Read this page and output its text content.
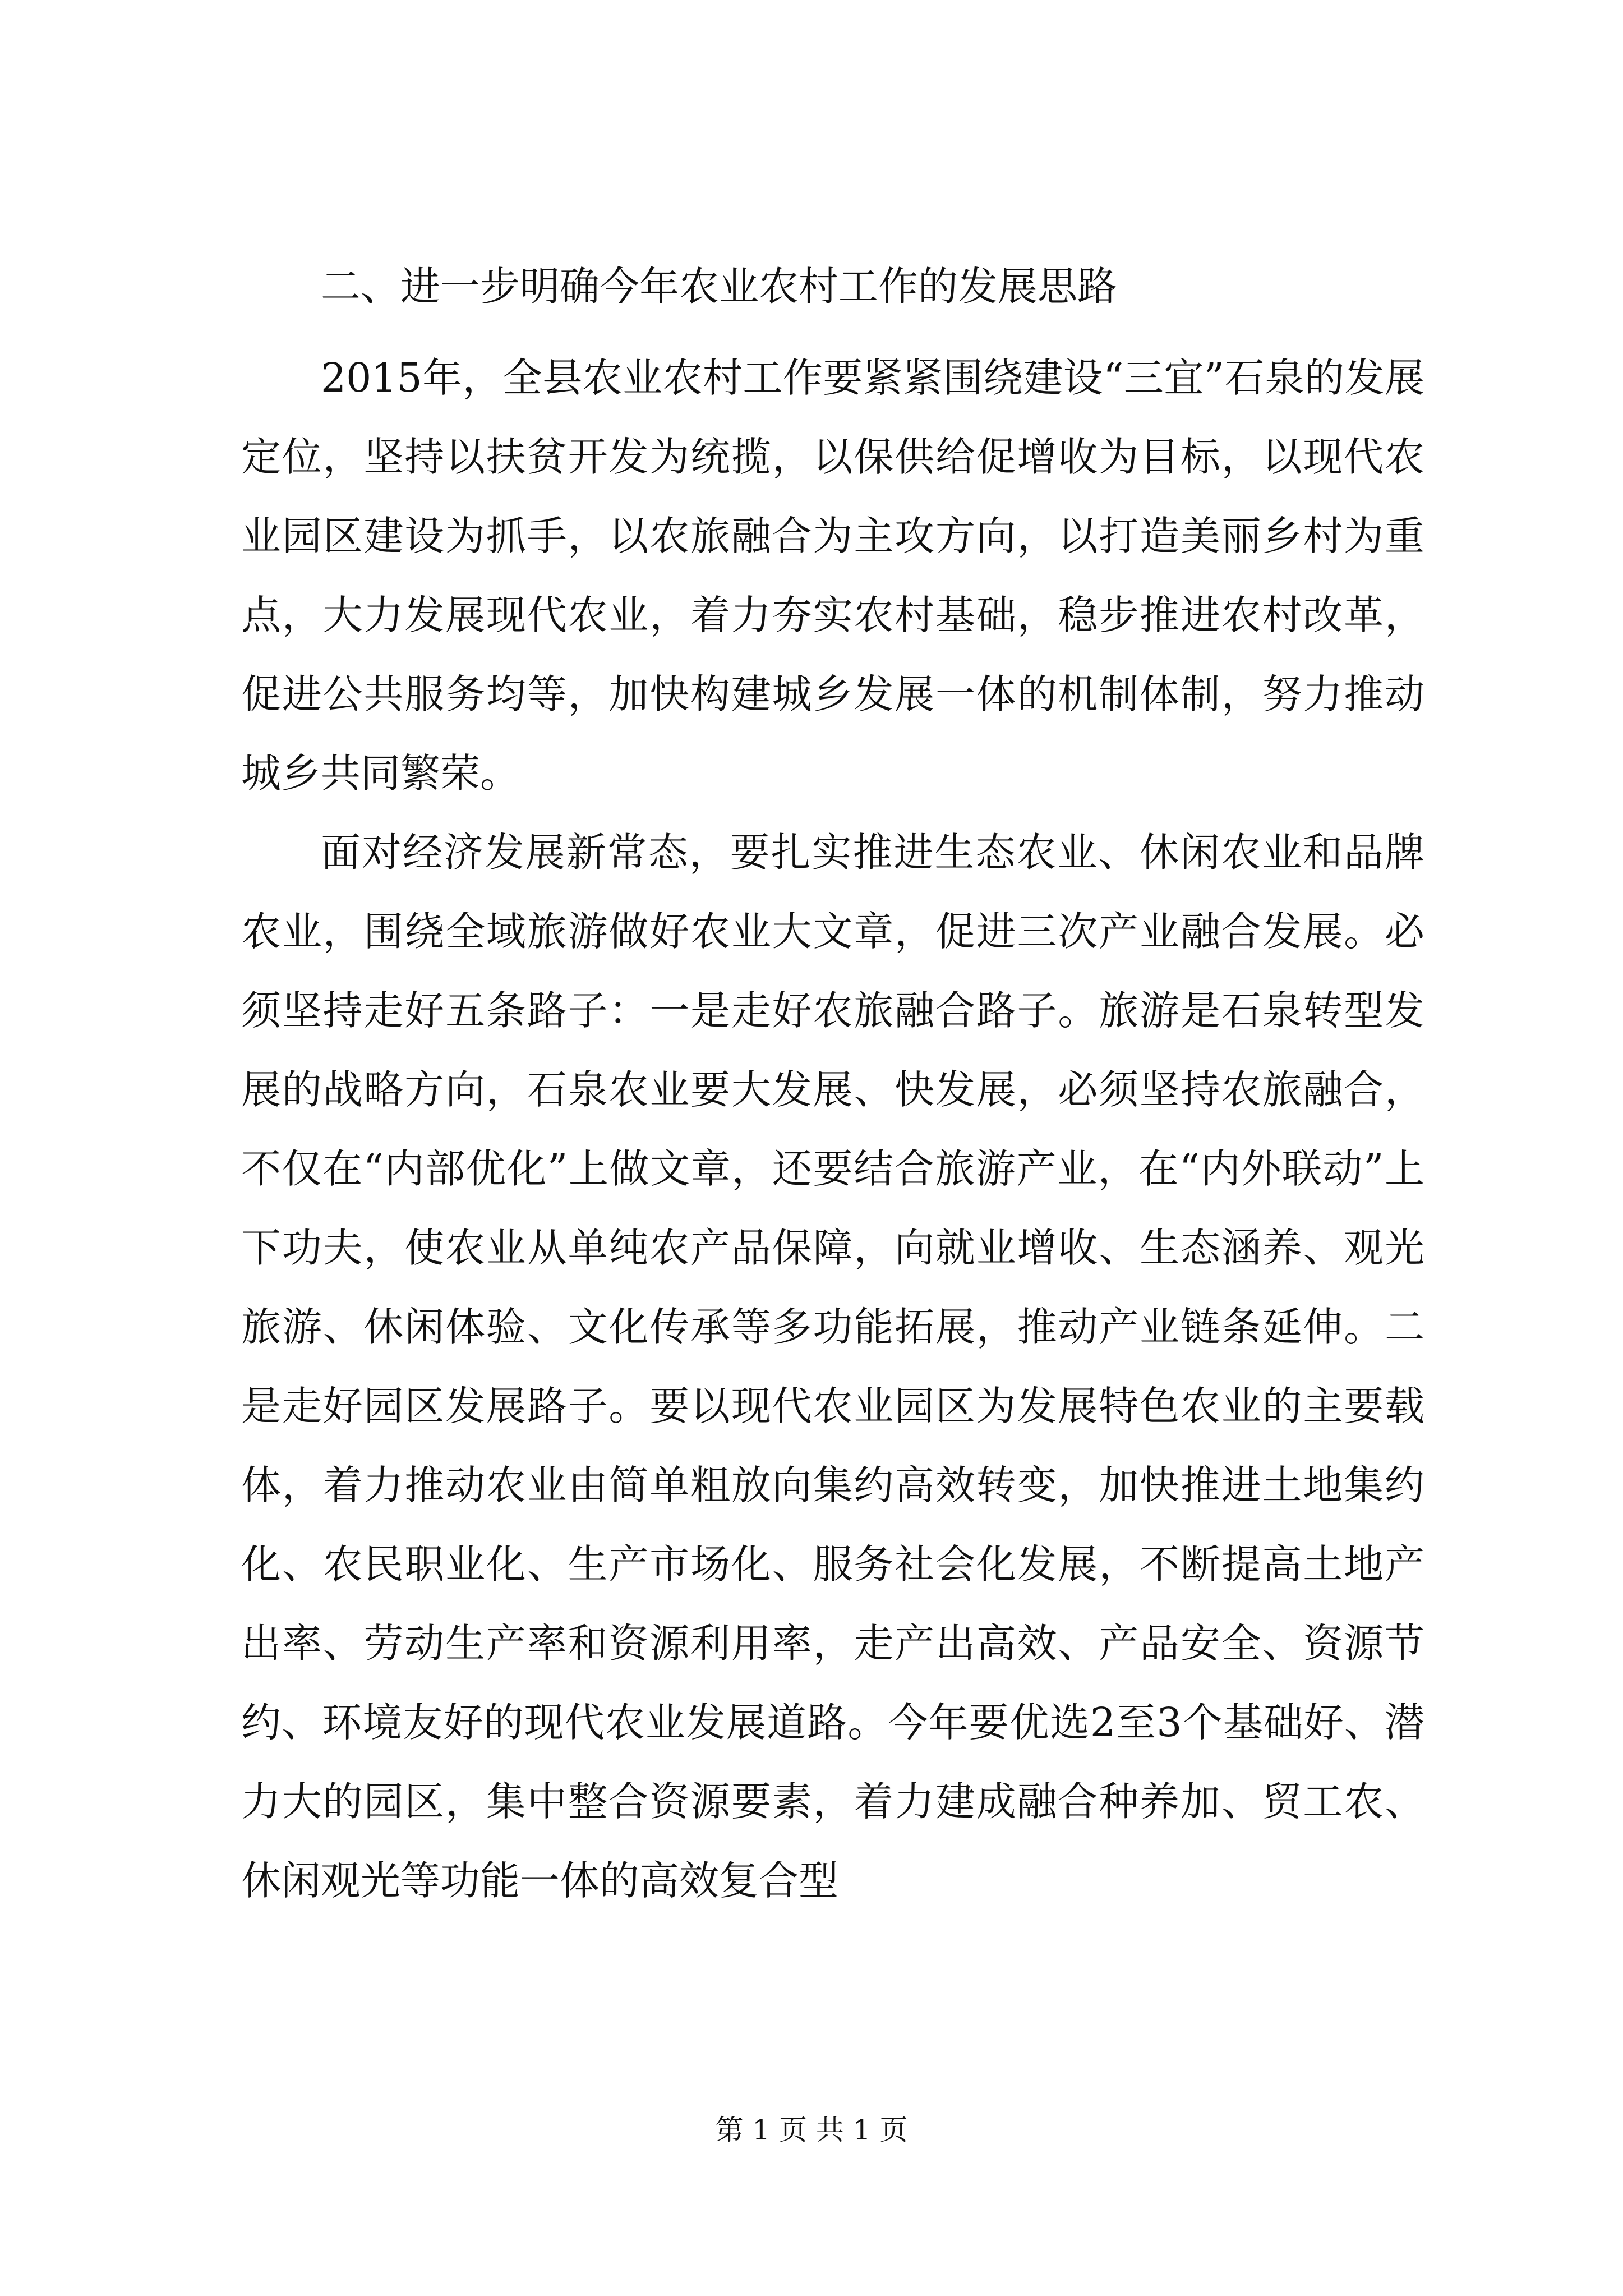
二、进一步明确今年农业农村工作的发展思路

2015年，全县农业农村工作要紧紧围绕建设“三宜”石泉的发展定位，坚持以扶贫开发为统揽，以保供给促增收为目标，以现代农业园区建设为抓手，以农旅融合为主攻方向，以打造美丽乡村为重点，大力发展现代农业，着力夯实农村基础，稳步推进农村改革，促进公共服务均等，加快构建城乡发展一体的机制体制，努力推动城乡共同繁荣。

面对经济发展新常态，要扎实推进生态农业、休闲农业和品牌农业，围绕全域旅游做好农业大文章，促进三次产业融合发展。必须坚持走好五条路子：一是走好农旅融合路子。旅游是石泉转型发展的战略方向，石泉农业要大发展、快发展，必须坚持农旅融合，不仅在“内部优化”上做文章，还要结合旅游产业，在“内外联动”上下功夫，使农业从单纯农产品保障，向就业增收、生态涵养、观光旅游、休闲体验、文化传承等多功能拓展，推动产业链条延伸。二是走好园区发展路子。要以现代农业园区为发展特色农业的主要载体，着力推动农业由简单粗放向集约高效转变，加快推进土地集约化、农民职业化、生产市场化、服务社会化发展，不断提高土地产出率、劳动生产率和资源利用率，走产出高效、产品安全、资源节约、环境友好的现代农业发展道路。今年要优选2至3个基础好、潜力大的园区，集中整合资源要素，着力建成融合种养加、贸工农、休闲观光等功能一体的高效复合型

第 1 页 共 1 页
